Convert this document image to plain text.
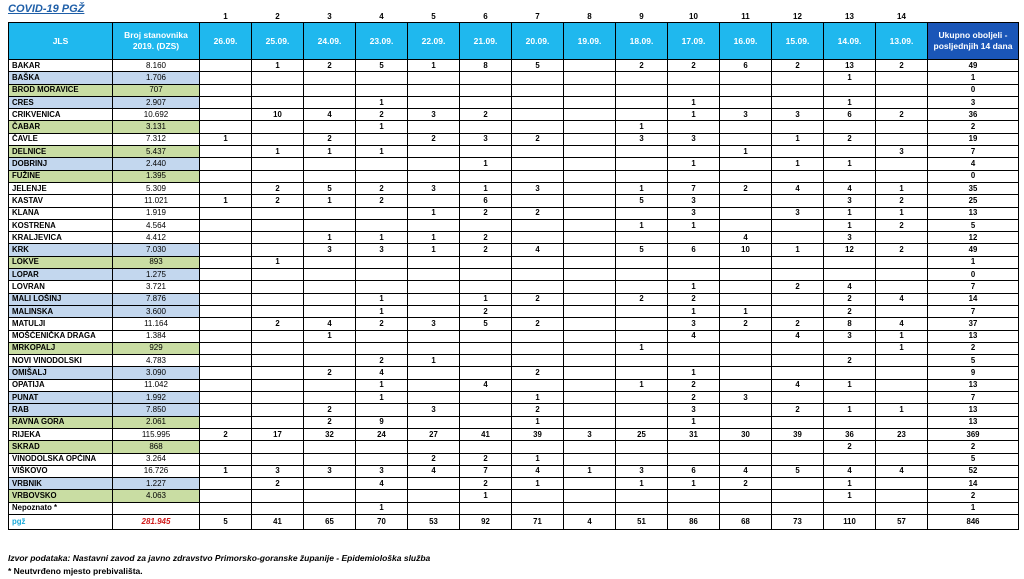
COVID-19 PGŽ
		1	2	3	4	5	6	7	8	9	10	11	12	13	14	
JLS	Broj stanovnika 2019. (DZS)	26.09.	25.09.	24.09.	23.09.	22.09.	21.09.	20.09.	19.09.	18.09.	17.09.	16.09.	15.09.	14.09.	13.09.	Ukupno oboljeli - posljednjih 14 dana
BAKAR	8.160		1	2	5	1	8	5		2	2	6	2	13	2	49
BAŠKA	1.706													1		1
BROD MORAVICE	707															0
CRES	2.907				1						1			1		3
CRIKVENICA	10.692		10	4	2	3	2				1	3	3	6	2	36
ČABAR	3.131				1					1						2
ČAVLE	7.312	1		2		2	3	2		3	3		1	2		19
DELNICE	5.437		1	1	1							1			3	7
DOBRINJ	2.440						1				1		1	1		4
FUŽINE	1.395															0
JELENJE	5.309		2	5	2	3	1	3		1	7	2	4	4	1	35
KASTAV	11.021	1	2	1	2		6			5	3			3	2	25
KLANA	1.919					1	2	2			3		3	1	1	13
KOSTRENA	4.564									1	1			1	2	5
KRALJEVICA	4.412			1	1	1	2					4		3		12
KRK	7.030			3	3	1	2	4		5	6	10	1	12	2	49
LOKVE	893		1													1
LOPAR	1.275															0
LOVRAN	3.721										1		2	4		7
MALI LOŠINJ	7.876				1		1	2		2	2			2	4	14
MALINSKA	3.600				1		2				1	1		2		7
MATULJI	11.164		2	4	2	3	5	2			3	2	2	8	4	37
MOŠĆENIČKA DRAGA	1.384			1							4		4	3	1	13
MRKOPALJ	929									1					1	2
NOVI VINODOLSKI	4.783				2	1								2		5
OMIŠALJ	3.090			2	4			2			1					9
OPATIJA	11.042				1		4			1	2		4	1		13
PUNAT	1.992				1			1			2	3				7
RAB	7.850			2		3		2			3		2	1	1	13
RAVNA GORA	2.061			2	9			1			1					13
RIJEKA	115.995	2	17	32	24	27	41	39	3	25	31	30	39	36	23	369
SKRAD	868													2		2
VINODOLSKA OPĆINA	3.264					2	2	1								5
VIŠKOVO	16.726	1	3	3	3	4	7	4	1	3	6	4	5	4	4	52
VRBNIK	1.227		2		4		2	1		1	1	2		1		14
VRBOVSKO	4.063						1							1		2
Nepoznato *					1											1
pgž	281.945	5	41	65	70	53	92	71	4	51	86	68	73	110	57	846
Izvor podataka: Nastavni zavod za javno zdravstvo Primorsko-goranske županije - Epidemiološka služba
* Neutvrđeno mjesto prebivališta.
